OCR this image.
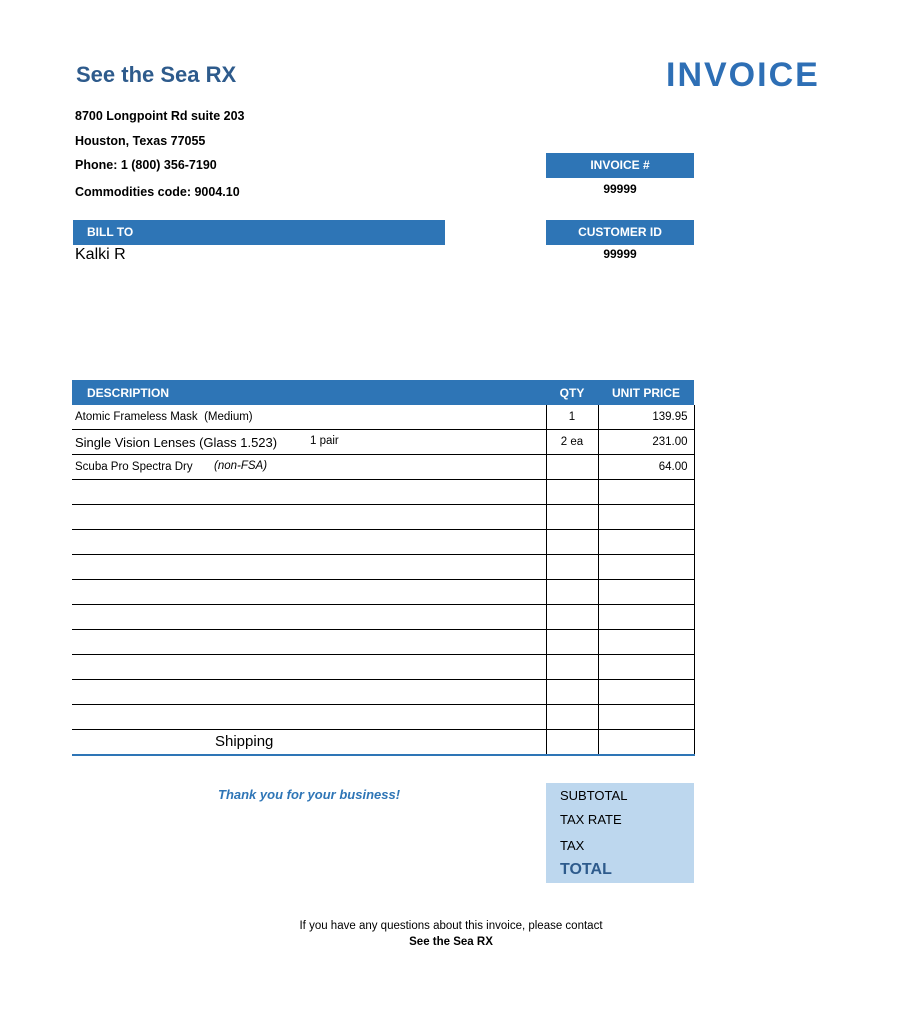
See the Sea RX	INVOICE
8700 Longpoint Rd suite 203
Houston, Texas 77055
Phone: 1 (800) 356-7190
Commodities code: 9004.10
INVOICE #
99999
BILL TO
Kalki R
CUSTOMER ID
99999
DESCRIPTION	QTY	UNIT PRICE
Atomic Frameless Mask (Medium)	1	139.95
Single Vision Lenses (Glass 1.523) 1 pair	2 ea	231.00
Scuba Pro Spectra Dry (non-FSA)		64.00

Shipping		

Thank you for your business!	SUBTOTAL
TAX RATE
TAX
TOTAL
If you have any questions about this invoice, please contact
See the Sea RX
